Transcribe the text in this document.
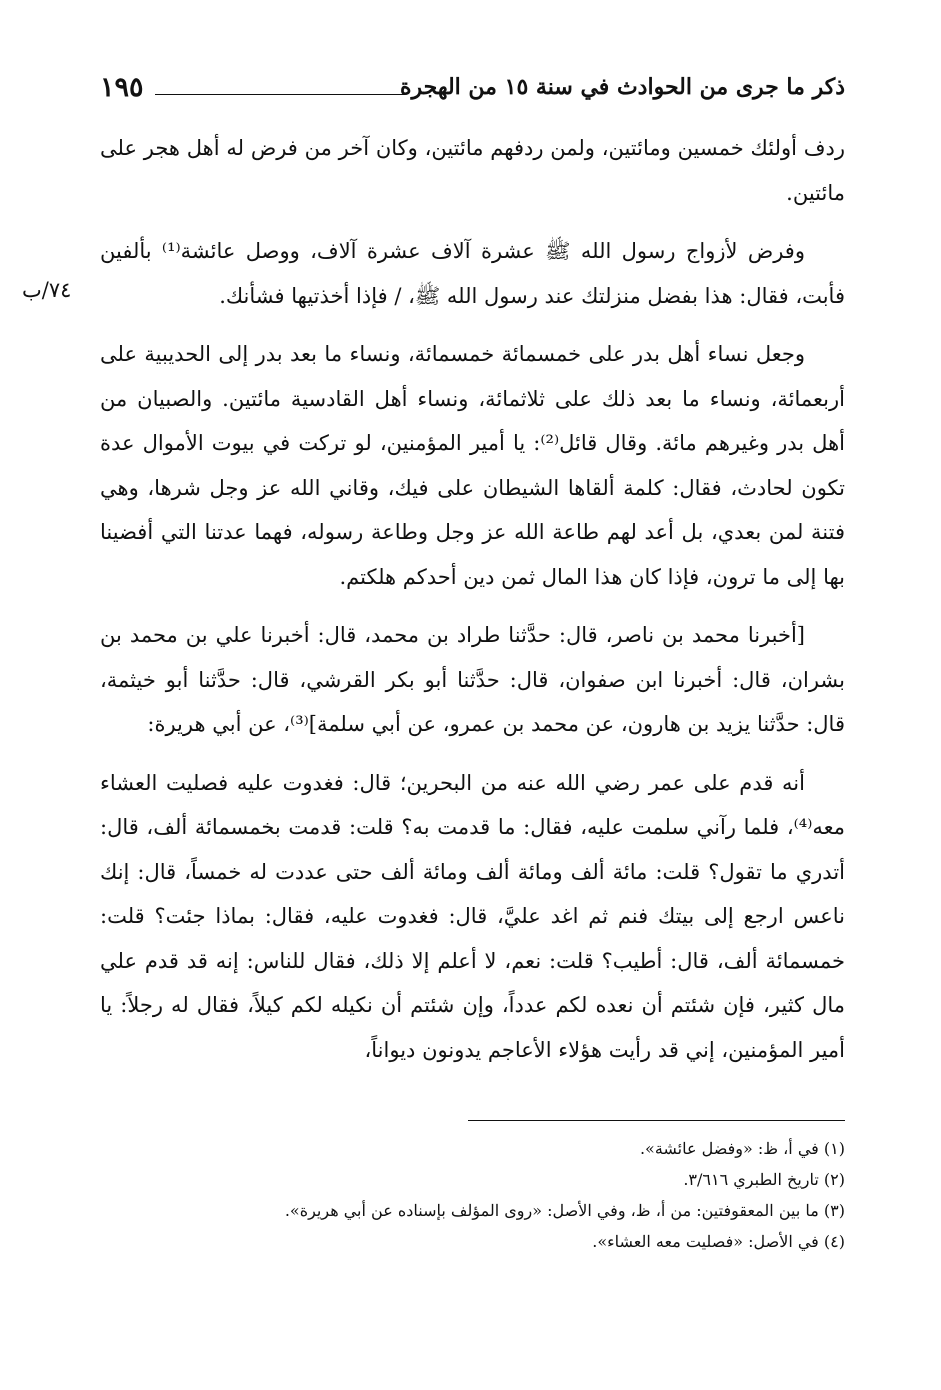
١٩٥	ذكر ما جرى من الحوادث في سنة ١٥ من الهجرة
٧٤/ب

ردف أولئك خمسين ومائتين، ولمن ردفهم مائتين، وكان آخر من فرض له أهل هجر على مائتين.

وفرض لأزواج رسول الله ﷺ عشرة آلاف عشرة آلاف، ووصل عائشة⁽¹⁾ بألفين فأبت، فقال: هذا بفضل منزلتك عند رسول الله ﷺ، / فإذا أخذتيها فشأنك.

وجعل نساء أهل بدر على خمسمائة خمسمائة، ونساء ما بعد بدر إلى الحديبية على أربعمائة، ونساء ما بعد ذلك على ثلاثمائة، ونساء أهل القادسية مائتين. والصبيان من أهل بدر وغيرهم مائة. وقال قائل⁽²⁾: يا أمير المؤمنين، لو تركت في بيوت الأموال عدة تكون لحادث، فقال: كلمة ألقاها الشيطان على فيك، وقاني الله عز وجل شرها، وهي فتنة لمن بعدي، بل أعد لهم طاعة الله عز وجل وطاعة رسوله، فهما عدتنا التي أفضينا بها إلى ما ترون، فإذا كان هذا المال ثمن دين أحدكم هلكتم.

[أخبرنا محمد بن ناصر، قال: حدَّثنا طراد بن محمد، قال: أخبرنا علي بن محمد بن بشران، قال: أخبرنا ابن صفوان، قال: حدَّثنا أبو بكر القرشي، قال: حدَّثنا أبو خيثمة، قال: حدَّثنا يزيد بن هارون، عن محمد بن عمرو، عن أبي سلمة]⁽³⁾، عن أبي هريرة:

أنه قدم على عمر رضي الله عنه من البحرين؛ قال: فغدوت عليه فصليت العشاء معه⁽⁴⁾، فلما رآني سلمت عليه، فقال: ما قدمت به؟ قلت: قدمت بخمسمائة ألف، قال: أتدري ما تقول؟ قلت: مائة ألف ومائة ألف ومائة ألف حتى عددت له خمساً، قال: إنك ناعس ارجع إلى بيتك فنم ثم اغد عليَّ، قال: فغدوت عليه، فقال: بماذا جئت؟ قلت: خمسمائة ألف، قال: أطيب؟ قلت: نعم، لا أعلم إلا ذلك، فقال للناس: إنه قد قدم علي مال كثير، فإن شئتم أن نعده لكم عدداً، وإن شئتم أن نكيله لكم كيلاً، فقال له رجلاً: يا أمير المؤمنين، إني قد رأيت هؤلاء الأعاجم يدونون ديواناً،

(١) في أ، ظ: «وفضل عائشة».

(٢) تاريخ الطبري ٣/٦١٦.

(٣) ما بين المعقوفتين: من أ، ظ، وفي الأصل: «روى المؤلف بإسناده عن أبي هريرة».

(٤) في الأصل: «فصليت معه العشاء».
